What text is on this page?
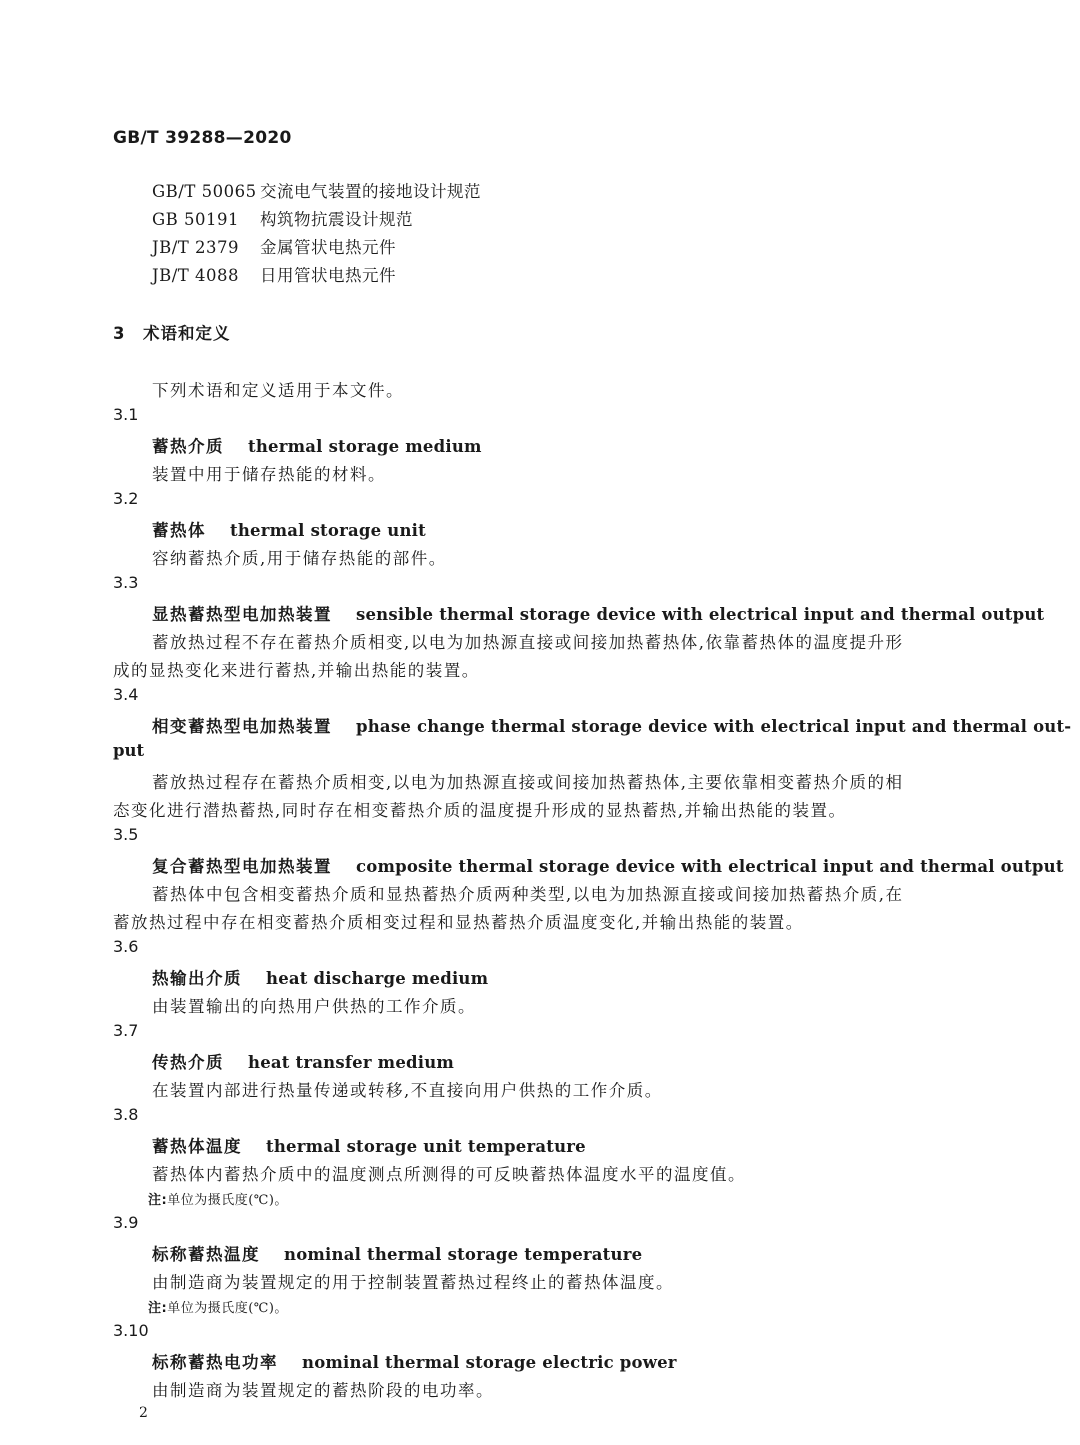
GB/T 39288—2020
GB/T 50065 交流电气装置的接地设计规范
GB 50191 构筑物抗震设计规范
JB/T 2379 金属管状电热元件
JB/T 4088 日用管状电热元件
3 术语和定义
下列术语和定义适用于本文件。
3.1
蓄热介质 thermal storage medium
装置中用于储存热能的材料。
3.2
蓄热体 thermal storage unit
容纳蓄热介质,用于储存热能的部件。
3.3
显热蓄热型电加热装置 sensible thermal storage device with electrical input and thermal output
蓄放热过程不存在蓄热介质相变,以电为加热源直接或间接加热蓄热体,依靠蓄热体的温度提升形
成的显热变化来进行蓄热,并输出热能的装置。
3.4
相变蓄热型电加热装置 phase change thermal storage device with electrical input and thermal out-
put
蓄放热过程存在蓄热介质相变,以电为加热源直接或间接加热蓄热体,主要依靠相变蓄热介质的相
态变化进行潜热蓄热,同时存在相变蓄热介质的温度提升形成的显热蓄热,并输出热能的装置。
3.5
复合蓄热型电加热装置 composite thermal storage device with electrical input and thermal output
蓄热体中包含相变蓄热介质和显热蓄热介质两种类型,以电为加热源直接或间接加热蓄热介质,在
蓄放热过程中存在相变蓄热介质相变过程和显热蓄热介质温度变化,并输出热能的装置。
3.6
热输出介质 heat discharge medium
由装置输出的向热用户供热的工作介质。
3.7
传热介质 heat transfer medium
在装置内部进行热量传递或转移,不直接向用户供热的工作介质。
3.8
蓄热体温度 thermal storage unit temperature
蓄热体内蓄热介质中的温度测点所测得的可反映蓄热体温度水平的温度值。
注:单位为摄氏度(℃)。
3.9
标称蓄热温度 nominal thermal storage temperature
由制造商为装置规定的用于控制装置蓄热过程终止的蓄热体温度。
注:单位为摄氏度(℃)。
3.10
标称蓄热电功率 nominal thermal storage electric power
由制造商为装置规定的蓄热阶段的电功率。
2
